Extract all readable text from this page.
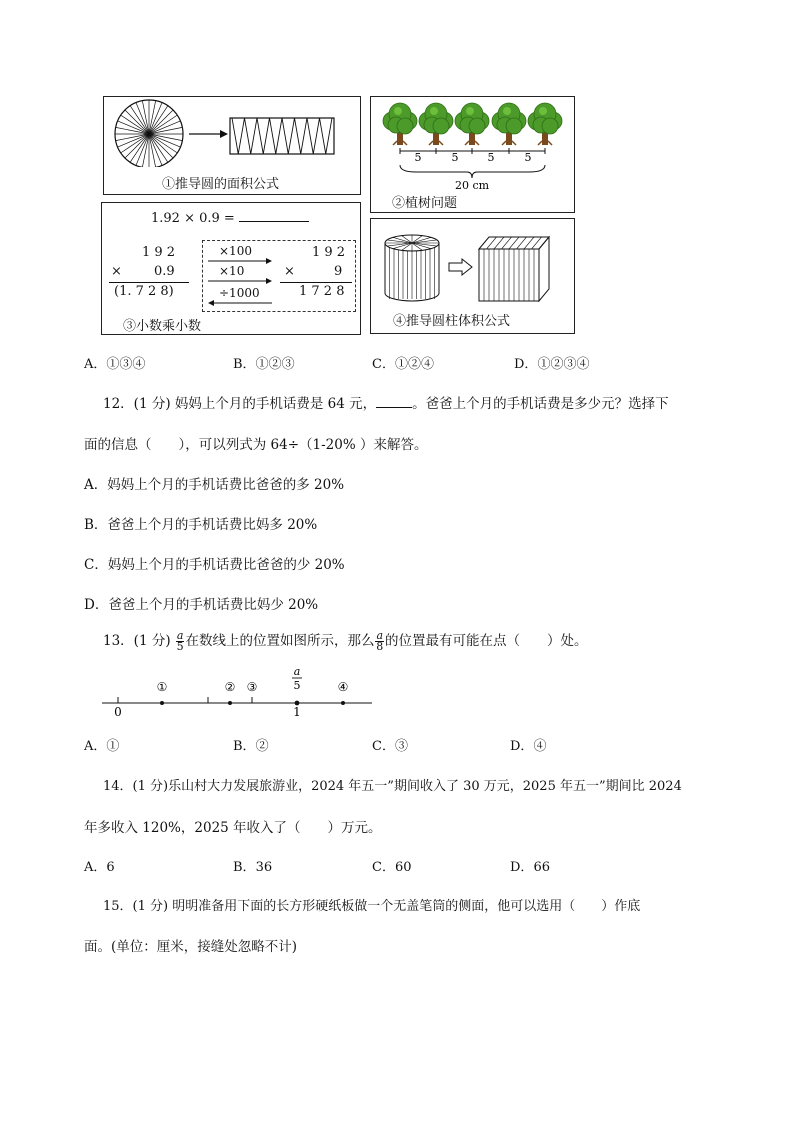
①推导圆的面积公式
5	5	5	5
20 cm
②植树问题
1.92 × 0.9 =
1 9 2
× 0.9
(1. 7 2 8)
×100
×10
÷1000
1 9 2
×	9
1 7 2 8
③小数乘小数	④推导圆柱体积公式
A．①③④	B．①②③	C．①②④	D．①②③④
12．(1 分) 妈妈上个月的手机话费是 64 元，	。爸爸上个月的手机话费是多少元？选择下
面的信息（　　），可以列式为 64÷（1-20% ）来解答。
A．妈妈上个月的手机话费比爸爸的多 20%
B．爸爸上个月的手机话费比妈多 20%
C．妈妈上个月的手机话费比爸爸的少 20%
D．爸爸上个月的手机话费比妈少 20%
13．(1 分) $\frac{a}{5}$ 在数线上的位置如图所示，那么 $\frac{a}{8}$ 的位置最有可能在点（　　）处。
①	② ③	④
a
5
0	1
A．①	B．②	C．③	D．④
14．(1 分)乐山村大力发展旅游业，2024 年五一”期间收入了 30 万元，2025 年五一”期间比 2024
年多收入 120%，2025 年收入了（　　）万元。
A．6	B．36	C．60	D．66
15．(1 分) 明明准备用下面的长方形硬纸板做一个无盖笔筒的侧面，他可以选用（　　）作底
面。(单位：厘米，接缝处忽略不计)
